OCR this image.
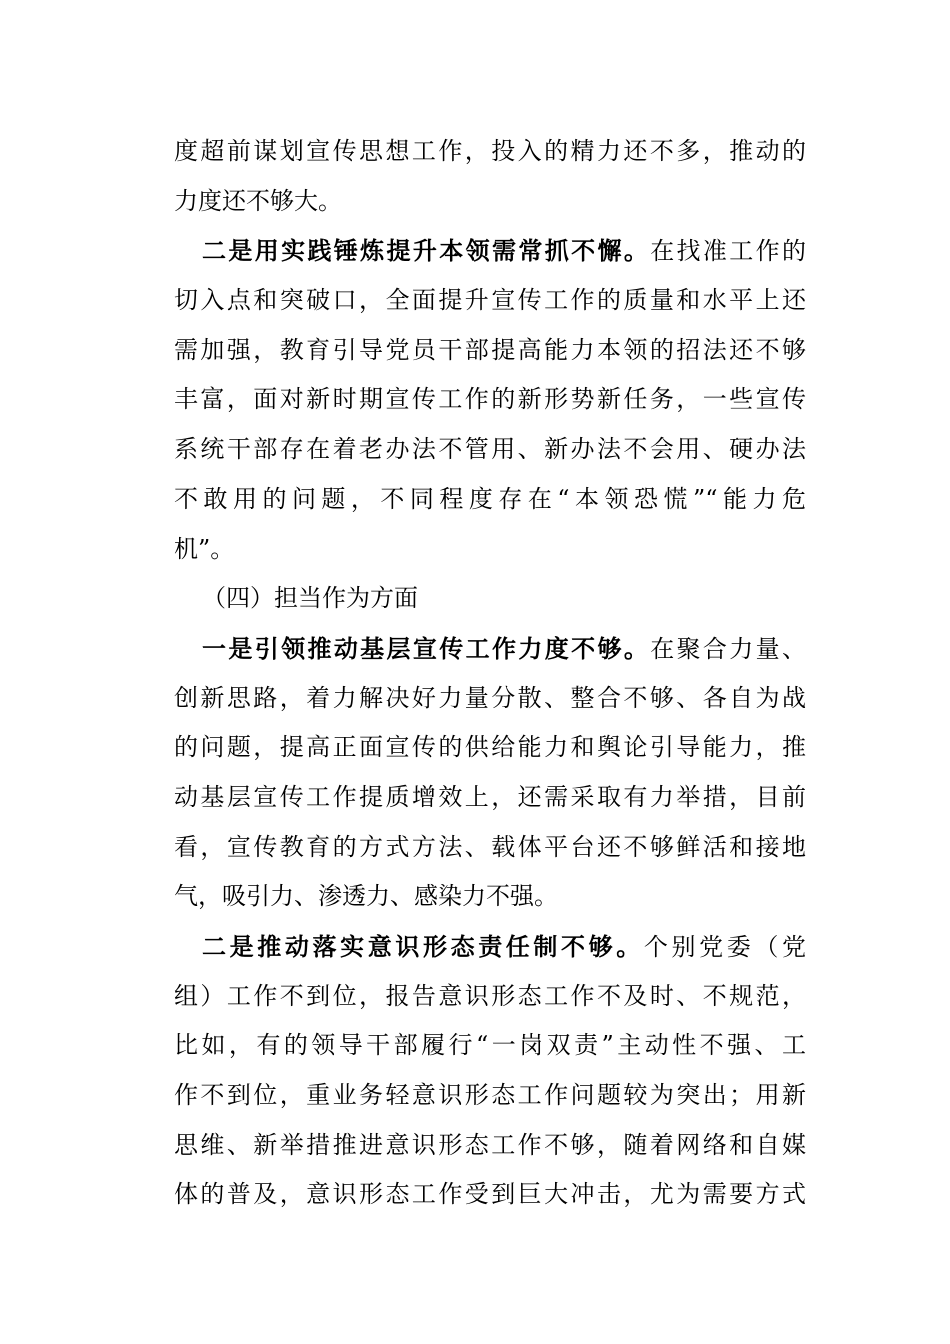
度超前谋划宣传思想工作，投入的精力还不多，推动的
力度还不够大。
二是用实践锤炼提升本领需常抓不懈。在找准工作的
切入点和突破口，全面提升宣传工作的质量和水平上还
需加强，教育引导党员干部提高能力本领的招法还不够
丰富，面对新时期宣传工作的新形势新任务，一些宣传
系统干部存在着老办法不管用、新办法不会用、硬办法
不敢用的问题，不同程度存在“本领恐慌”“能力危
机”。
（四）担当作为方面
一是引领推动基层宣传工作力度不够。在聚合力量、
创新思路，着力解决好力量分散、整合不够、各自为战
的问题，提高正面宣传的供给能力和舆论引导能力，推
动基层宣传工作提质增效上，还需采取有力举措，目前
看，宣传教育的方式方法、载体平台还不够鲜活和接地
气，吸引力、渗透力、感染力不强。
二是推动落实意识形态责任制不够。个别党委（党
组）工作不到位，报告意识形态工作不及时、不规范，
比如，有的领导干部履行“一岗双责”主动性不强、工
作不到位，重业务轻意识形态工作问题较为突出；用新
思维、新举措推进意识形态工作不够，随着网络和自媒
体的普及，意识形态工作受到巨大冲击，尤为需要方式
